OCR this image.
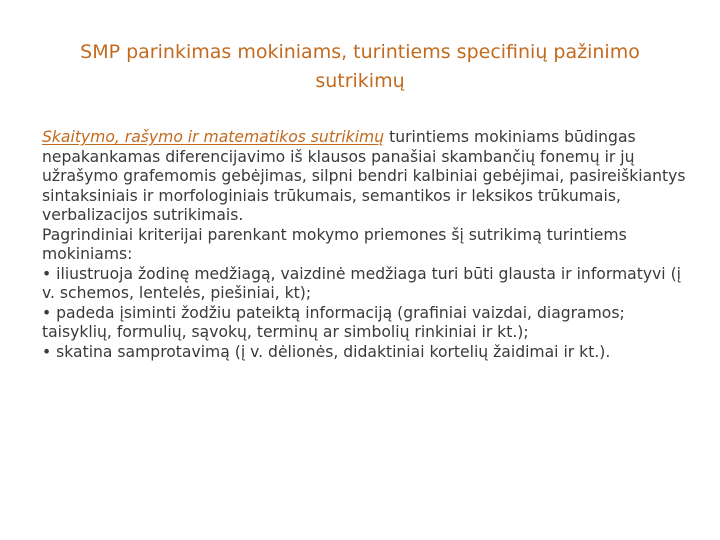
SMP parinkimas mokiniams, turintiems specifinių pažinimo sutrikimų
Skaitymo, rašymo ir matematikos sutrikimų turintiems mokiniams būdingas nepakankamas diferencijavimo iš klausos panašiai skambančių fonemų ir jų užrašymo grafemomis gebėjimas, silpni bendri kalbiniai gebėjimai, pasireiškiantys sintaksiniais ir morfologiniais trūkumais, semantikos ir leksikos trūkumais, verbalizacijos sutrikimais.
Pagrindiniai kriterijai parenkant mokymo priemones šį sutrikimą turintiems mokiniams:
• iliustruoja žodinę medžiagą, vaizdinė medžiaga turi būti glausta ir informatyvi (į v. schemos, lentelės, piešiniai, kt);
• padeda įsiminti žodžiu pateiktą informaciją (grafiniai vaizdai, diagramos; taisyklių, formulių, sąvokų, terminų ar simbolių rinkiniai ir kt.);
• skatina samprotavimą (į v. dėlionės, didaktiniai kortelių žaidimai ir kt.).
